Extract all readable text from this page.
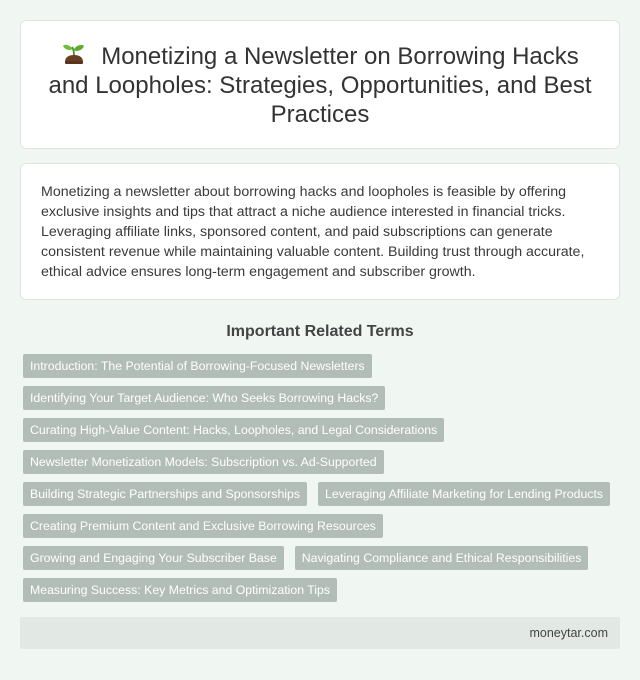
Monetizing a Newsletter on Borrowing Hacks and Loopholes: Strategies, Opportunities, and Best Practices

Monetizing a newsletter about borrowing hacks and loopholes is feasible by offering exclusive insights and tips that attract a niche audience interested in financial tricks. Leveraging affiliate links, sponsored content, and paid subscriptions can generate consistent revenue while maintaining valuable content. Building trust through accurate, ethical advice ensures long-term engagement and subscriber growth.

Important Related Terms
Introduction: The Potential of Borrowing-Focused Newsletters
Identifying Your Target Audience: Who Seeks Borrowing Hacks?
Curating High-Value Content: Hacks, Loopholes, and Legal Considerations
Newsletter Monetization Models: Subscription vs. Ad-Supported
Building Strategic Partnerships and Sponsorships	Leveraging Affiliate Marketing for Lending Products
Creating Premium Content and Exclusive Borrowing Resources
Growing and Engaging Your Subscriber Base	Navigating Compliance and Ethical Responsibilities
Measuring Success: Key Metrics and Optimization Tips
moneytar.com
